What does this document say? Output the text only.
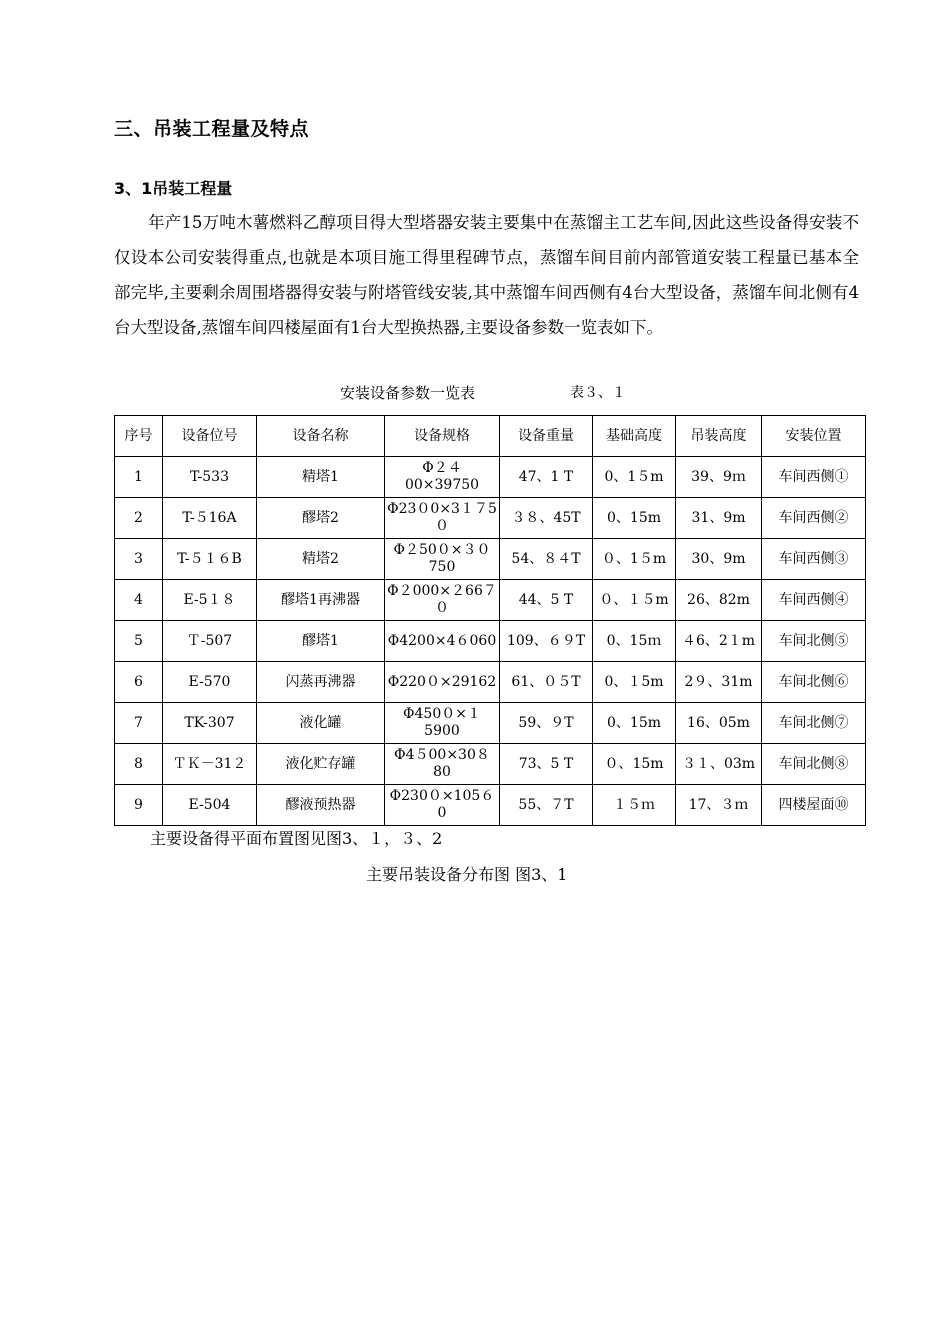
三、吊装工程量及特点
3、1吊装工程量
年产15万吨木薯燃料乙醇项目得大型塔器安装主要集中在蒸馏主工艺车间,因此这些设备得安装不仅设本公司安装得重点,也就是本项目施工得里程碑节点，蒸馏车间目前内部管道安装工程量已基本全部完毕,主要剩余周围塔器得安装与附塔管线安装,其中蒸馏车间西侧有4台大型设备，蒸馏车间北侧有4台大型设备,蒸馏车间四楼屋面有1台大型换热器,主要设备参数一览表如下。
安装设备参数一览表	表３、１
序号	设备位号	设备名称	设备规格	设备重量	基础高度	吊装高度	安装位置
1	T-533	精塔1	Φ２４00×39750	47、1 T	0、1５m	39、9ｍ	车间西侧①
2	T-５16A	醪塔2	Φ23０0×3１７5０	３８、45T	0、15m	31、9m	车间西侧②
3	T-５１６B	精塔2	Φ２50０×３０750	54、８４T	０、1５m	30、9m	车间西侧③
4	E-5１８	醪塔1再沸器	Φ２000×２66７０	44、5 T	０、１５m	26、82m	车间西侧④
5	Ｔ-507	醪塔1	Φ4200×4６060	109、６９T	0、15ｍ	４6、2１m	车间北侧⑤
6	E-570	闪蒸再沸器	Φ220０×29162	61、０５T	0、１5m	2９、31m	车间北侧⑥
7	TK-307	液化罐	Φ450０×１5900	59、９T	0、15m	16、05m	车间北侧⑦
8	ＴＫ－31２	液化贮存罐	Φ4５00×30８80	73、5 T	０、15m	３１、03m	车间北侧⑧
9	E-504	醪液预热器	Φ230０×105６0	55、７T	１５ｍ	17、３ｍ	四楼屋面⑩
主要设备得平面布置图见图3、１，３、2
主要吊装设备分布图 图3、1
